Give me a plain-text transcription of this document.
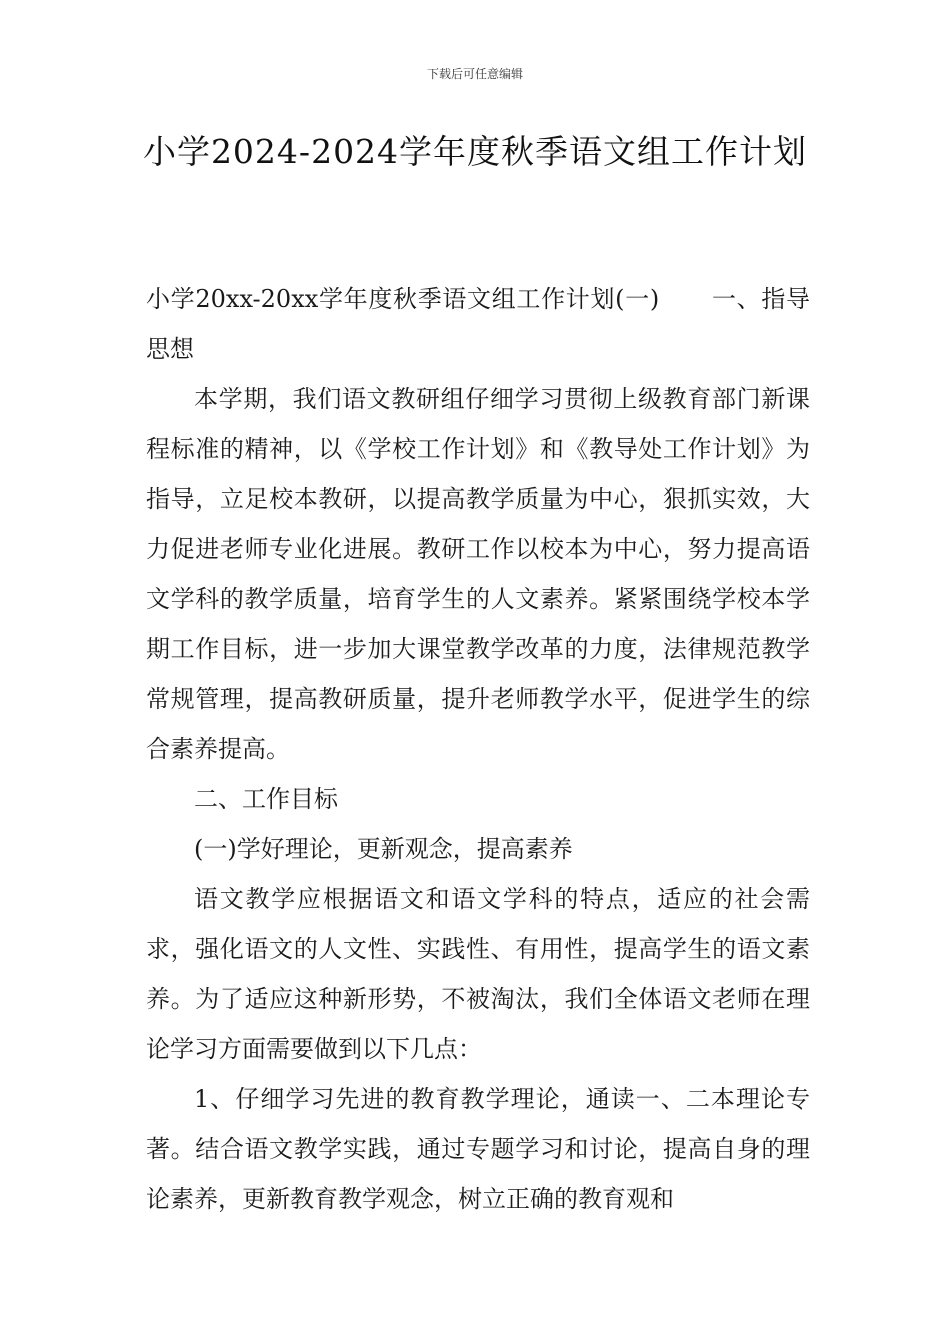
下载后可任意编辑
小学2024-2024学年度秋季语文组工作计划

小学20xx-20xx学年度秋季语文组工作计划(一) 一、指导思想

本学期，我们语文教研组仔细学习贯彻上级教育部门新课程标准的精神，以《学校工作计划》和《教导处工作计划》为指导，立足校本教研，以提高教学质量为中心，狠抓实效，大力促进老师专业化进展。教研工作以校本为中心，努力提高语文学科的教学质量，培育学生的人文素养。紧紧围绕学校本学期工作目标，进一步加大课堂教学改革的力度，法律规范教学常规管理，提高教研质量，提升老师教学水平，促进学生的综合素养提高。

二、工作目标

(一)学好理论，更新观念，提高素养

语文教学应根据语文和语文学科的特点，适应的社会需求，强化语文的人文性、实践性、有用性，提高学生的语文素养。为了适应这种新形势，不被淘汰，我们全体语文老师在理论学习方面需要做到以下几点：

1、仔细学习先进的教育教学理论，通读一、二本理论专著。结合语文教学实践，通过专题学习和讨论，提高自身的理论素养，更新教育教学观念，树立正确的教育观和
